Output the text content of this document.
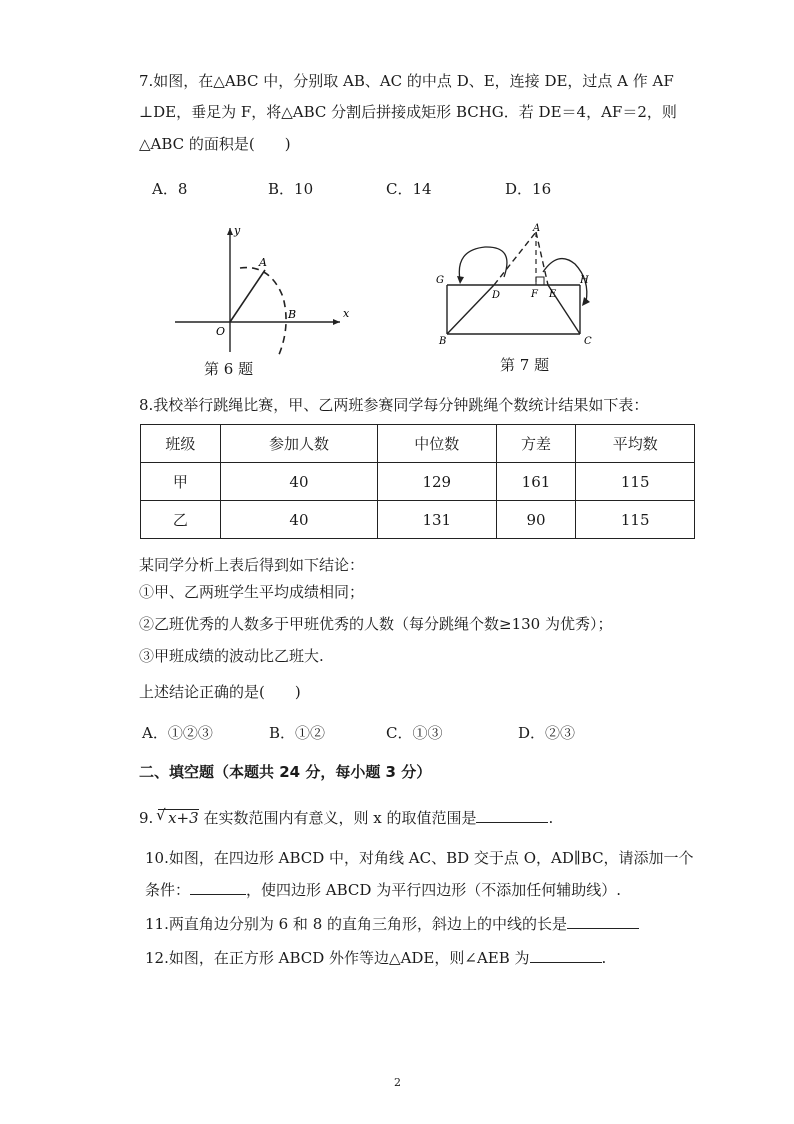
7.如图，在△ABC 中，分别取 AB、AC 的中点 D、E，连接 DE，过点 A 作 AF
⊥DE，垂足为 F，将△ABC 分割后拼接成矩形 BCHG．若 DE＝4，AF＝2，则
△ABC 的面积是(　　)
A．8	B．10	C．14	D．16
y
x
O
A
B
第 6 题
A
G	H
D	F E
B	C
第 7 题
8.我校举行跳绳比赛，甲、乙两班参赛同学每分钟跳绳个数统计结果如下表：
班级	参加人数	中位数	方差	平均数
甲	40	129	161	115
乙	40	131	90	115
某同学分析上表后得到如下结论：
①甲、乙两班学生平均成绩相同；
②乙班优秀的人数多于甲班优秀的人数（每分跳绳个数≥130 为优秀）；
③甲班成绩的波动比乙班大.
上述结论正确的是(　　)
A．①②③	B．①②	C．①③	D．②③
二、填空题（本题共 24 分，每小题 3 分）
9. √ x+3 在实数范围内有意义，则 x 的取值范围是	.
10.如图，在四边形 ABCD 中，对角线 AC、BD 交于点 O，AD∥BC，请添加一个
条件：	，使四边形 ABCD 为平行四边形（不添加任何辅助线）.
11.两直角边分别为 6 和 8 的直角三角形，斜边上的中线的长是
12.如图，在正方形 ABCD 外作等边△ADE，则∠AEB 为	.
2
